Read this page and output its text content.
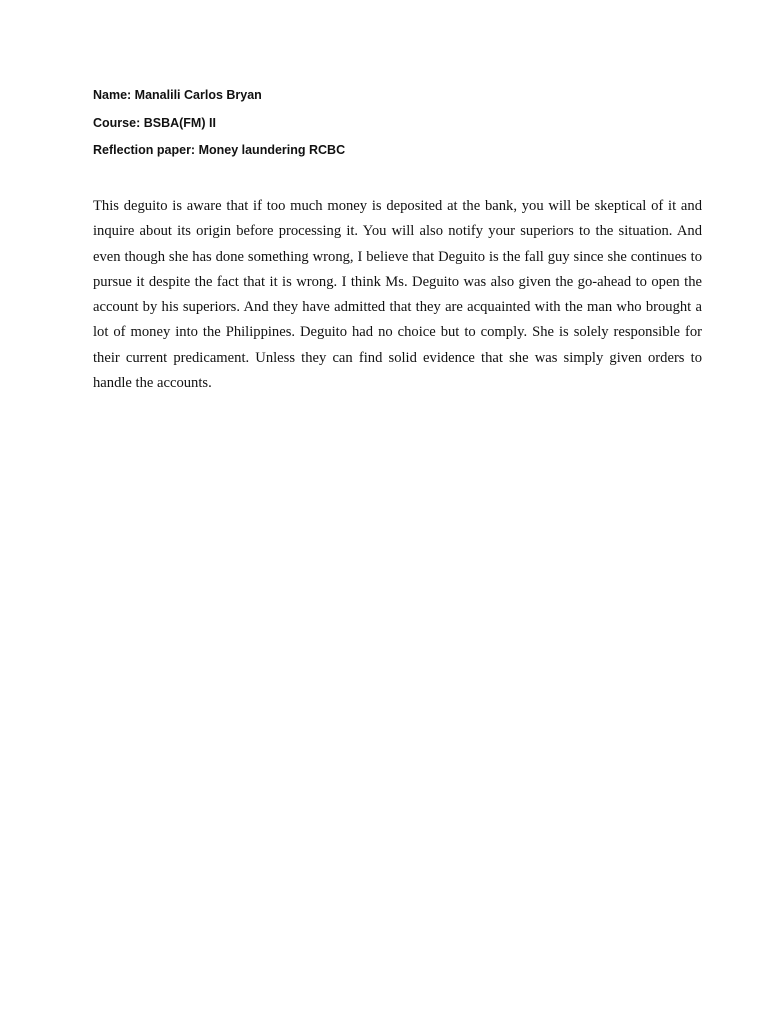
Name: Manalili Carlos Bryan
Course: BSBA(FM) II
Reflection paper: Money laundering RCBC

This deguito is aware that if too much money is deposited at the bank, you will be skeptical of it and inquire about its origin before processing it. You will also notify your superiors to the situation. And even though she has done something wrong, I believe that Deguito is the fall guy since she continues to pursue it despite the fact that it is wrong. I think Ms. Deguito was also given the go-ahead to open the account by his superiors. And they have admitted that they are acquainted with the man who brought a lot of money into the Philippines. Deguito had no choice but to comply. She is solely responsible for their current predicament. Unless they can find solid evidence that she was simply given orders to handle the accounts.
